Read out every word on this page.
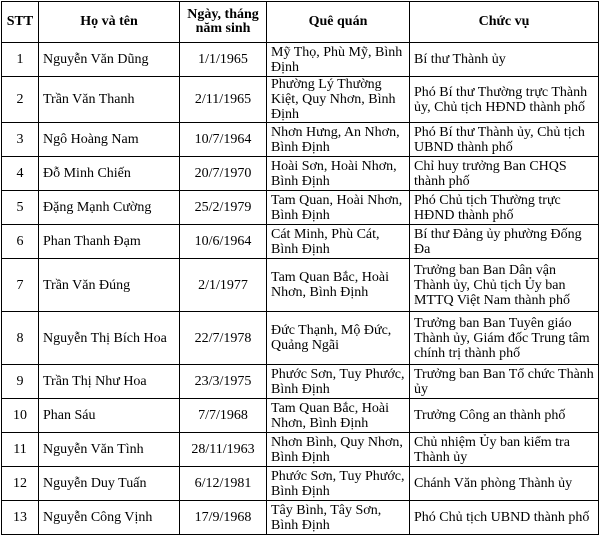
STT	Họ và tên	Ngày, tháng năm sinh	Quê quán	Chức vụ
1	Nguyễn Văn Dũng	1/1/1965	Mỹ Thọ, Phù Mỹ, Bình Định	Bí thư Thành ủy
2	Trần Văn Thanh	2/11/1965	Phường Lý Thường Kiệt, Quy Nhơn, Bình Định	Phó Bí thư Thường trực Thành ủy, Chủ tịch HĐND thành phố
3	Ngô Hoàng Nam	10/7/1964	Nhơn Hưng, An Nhơn, Bình Định	Phó Bí thư Thành ủy, Chủ tịch UBND thành phố
4	Đỗ Minh Chiến	20/7/1970	Hoài Sơn, Hoài Nhơn, Bình Định	Chỉ huy trưởng Ban CHQS thành phố
5	Đặng Mạnh Cường	25/2/1979	Tam Quan, Hoài Nhơn, Bình Định	Phó Chủ tịch Thường trực HĐND thành phố
6	Phan Thanh Đạm	10/6/1964	Cát Minh, Phù Cát, Bình Định	Bí thư Đảng ủy phường Đống Đa
7	Trần Văn Đúng	2/1/1977	Tam Quan Bắc, Hoài Nhơn, Bình Định	Trưởng ban Ban Dân vận Thành ủy, Chủ tịch Ủy ban MTTQ Việt Nam thành phố
8	Nguyễn Thị Bích Hoa	22/7/1978	Đức Thạnh, Mộ Đức, Quảng Ngãi	Trưởng ban Ban Tuyên giáo Thành ủy, Giám đốc Trung tâm chính trị thành phố
9	Trần Thị Như Hoa	23/3/1975	Phước Sơn, Tuy Phước, Bình Định	Trưởng ban Ban Tổ chức Thành ủy
10	Phan Sáu	7/7/1968	Tam Quan Bắc, Hoài Nhơn, Bình Định	Trưởng Công an thành phố
11	Nguyễn Văn Tình	28/11/1963	Nhơn Bình, Quy Nhơn, Bình Định	Chủ nhiệm Ủy ban kiểm tra Thành ủy
12	Nguyễn Duy Tuấn	6/12/1981	Phước Sơn, Tuy Phước, Bình Định	Chánh Văn phòng Thành ủy
13	Nguyễn Công Vịnh	17/9/1968	Tây Bình, Tây Sơn, Bình Định	Phó Chủ tịch UBND thành phố
